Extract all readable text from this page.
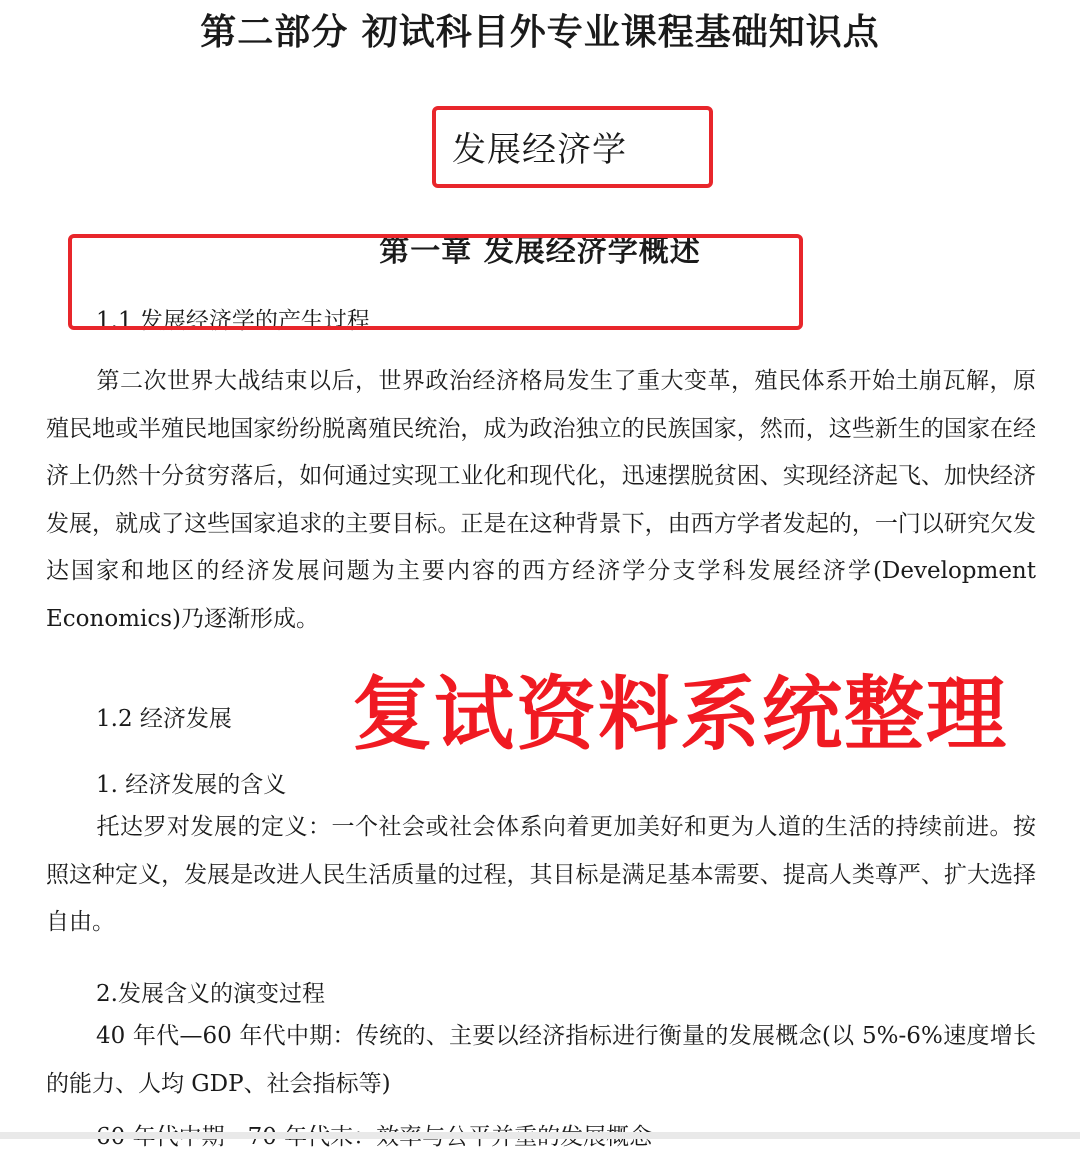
第二部分 初试科目外专业课程基础知识点
发展经济学
第一章 发展经济学概述
1.1 发展经济学的产生过程
第二次世界大战结束以后，世界政治经济格局发生了重大变革，殖民体系开始土崩瓦解，原殖民地或半殖民地国家纷纷脱离殖民统治，成为政治独立的民族国家，然而，这些新生的国家在经济上仍然十分贫穷落后，如何通过实现工业化和现代化，迅速摆脱贫困、实现经济起飞、加快经济发展，就成了这些国家追求的主要目标。正是在这种背景下，由西方学者发起的，一门以研究欠发达国家和地区的经济发展问题为主要内容的西方经济学分支学科发展经济学(Development Economics)乃逐渐形成。
1.2 经济发展
1. 经济发展的含义
托达罗对发展的定义：一个社会或社会体系向着更加美好和更为人道的生活的持续前进。按照这种定义，发展是改进人民生活质量的过程，其目标是满足基本需要、提高人类尊严、扩大选择自由。
2.发展含义的演变过程
40 年代—60 年代中期：传统的、主要以经济指标进行衡量的发展概念(以 5%-6%速度增长的能力、人均 GDP、社会指标等)
复试资料系统整理
